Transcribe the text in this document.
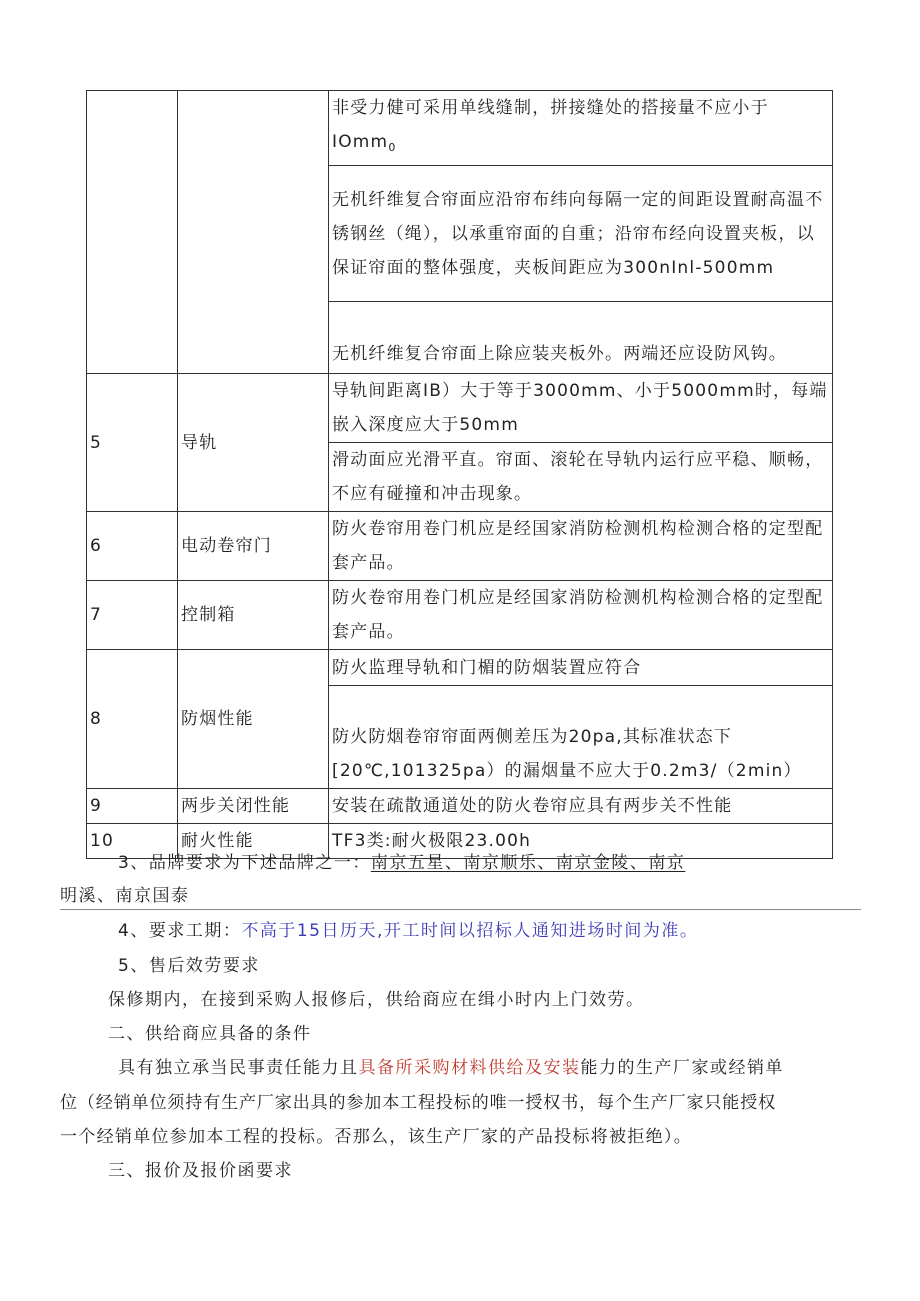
		非受力健可采用单线缝制，拼接缝处的搭接量不应小于IOmm$_0$
		无机纤维复合帘面应沿帘布纬向每隔一定的间距设置耐高温不锈钢丝（绳），以承重帘面的自重；沿帘布经向设置夹板，以保证帘面的整体强度，夹板间距应为300nInl-500mm
		无机纤维复合帘面上除应装夹板外。两端还应设防风钩。
5	导轨	导轨间距离IB）大于等于3000mm、小于5000mm时，每端嵌入深度应大于50mm
		滑动面应光滑平直。帘面、滚轮在导轨内运行应平稳、顺畅，不应有碰撞和冲击现象。
6	电动卷帘门	防火卷帘用卷门机应是经国家消防检测机构检测合格的定型配套产品。
7	控制箱	防火卷帘用卷门机应是经国家消防检测机构检测合格的定型配套产品。
8	防烟性能	防火监理导轨和门楣的防烟装置应符合
		防火防烟卷帘帘面两侧差压为20pa,其标准状态下[20℃,101325pa）的漏烟量不应大于0.2m3/（2min）
9	两步关闭性能	安装在疏散通道处的防火卷帘应具有两步关不性能
10	耐火性能	TF3类:耐火极限23.00h
3、品牌要求为下述品牌之一：南京五星、南京顺乐、南京金陵、南京
明溪、南京国泰
4、要求工期：不高于15日历天,开工时间以招标人通知进场时间为准。
5、售后效劳要求
保修期内，在接到采购人报修后，供给商应在缉小时内上门效劳。
二、供给商应具备的条件
具有独立承当民事责任能力且具备所采购材料供给及安装能力的生产厂家或经销单
位（经销单位须持有生产厂家出具的参加本工程投标的唯一授权书，每个生产厂家只能授权
一个经销单位参加本工程的投标。否那么，该生产厂家的产品投标将被拒绝）。
三、报价及报价函要求
